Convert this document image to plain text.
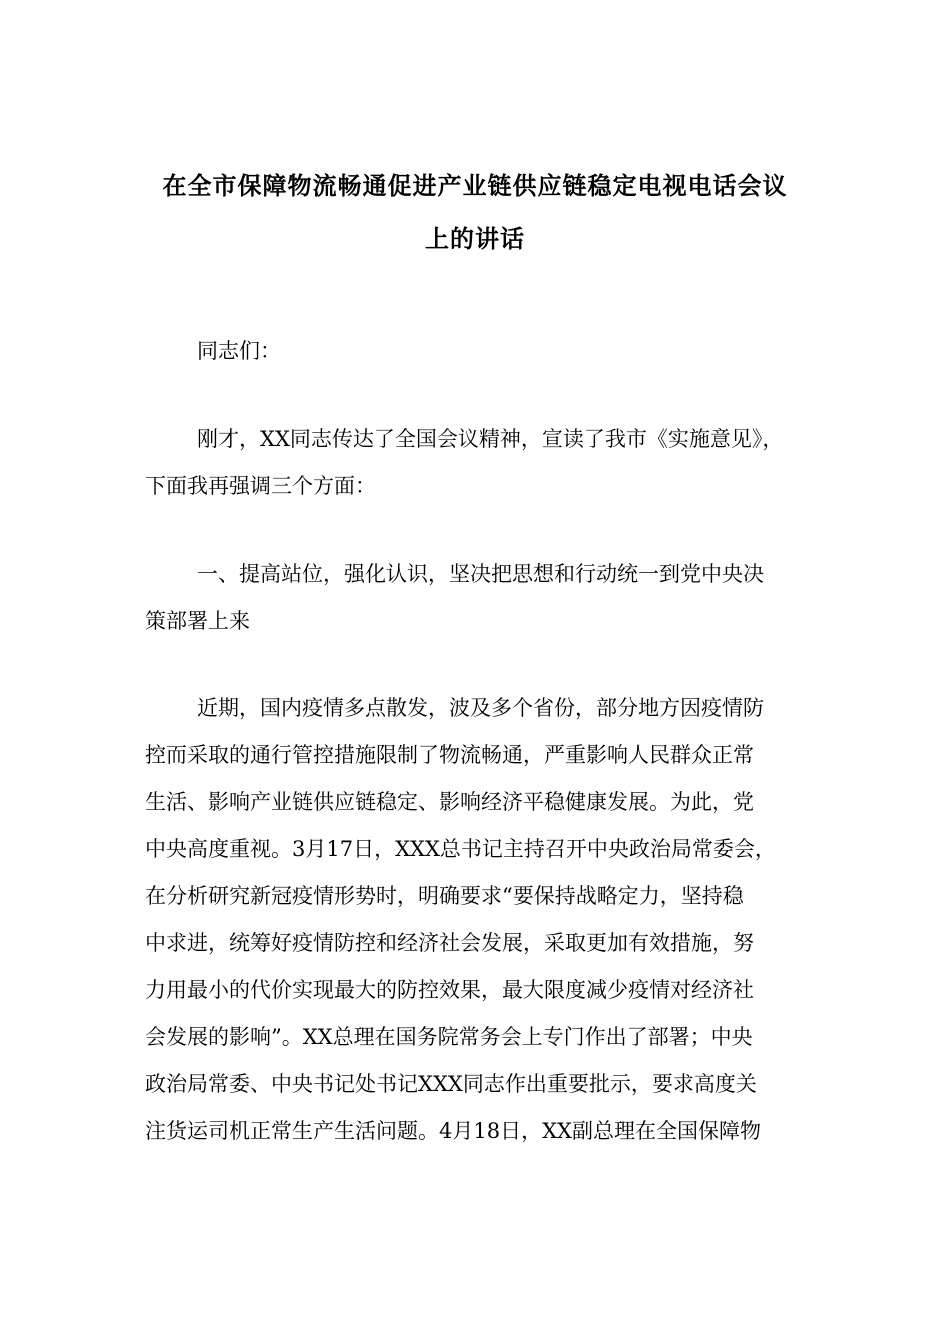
在全市保障物流畅通促进产业链供应链稳定电视电话会议
上的讲话

同志们：

刚才，XX同志传达了全国会议精神，宣读了我市《实施意见》，
下面我再强调三个方面：

一、提高站位，强化认识，坚决把思想和行动统一到党中央决
策部署上来

近期，国内疫情多点散发，波及多个省份，部分地方因疫情防
控而采取的通行管控措施限制了物流畅通，严重影响人民群众正常
生活、影响产业链供应链稳定、影响经济平稳健康发展。为此，党
中央高度重视。3月17日，XXX总书记主持召开中央政治局常委会，
在分析研究新冠疫情形势时，明确要求“要保持战略定力，坚持稳
中求进，统筹好疫情防控和经济社会发展，采取更加有效措施，努
力用最小的代价实现最大的防控效果，最大限度减少疫情对经济社
会发展的影响”。XX总理在国务院常务会上专门作出了部署；中央
政治局常委、中央书记处书记XXX同志作出重要批示，要求高度关
注货运司机正常生产生活问题。4月18日，XX副总理在全国保障物
